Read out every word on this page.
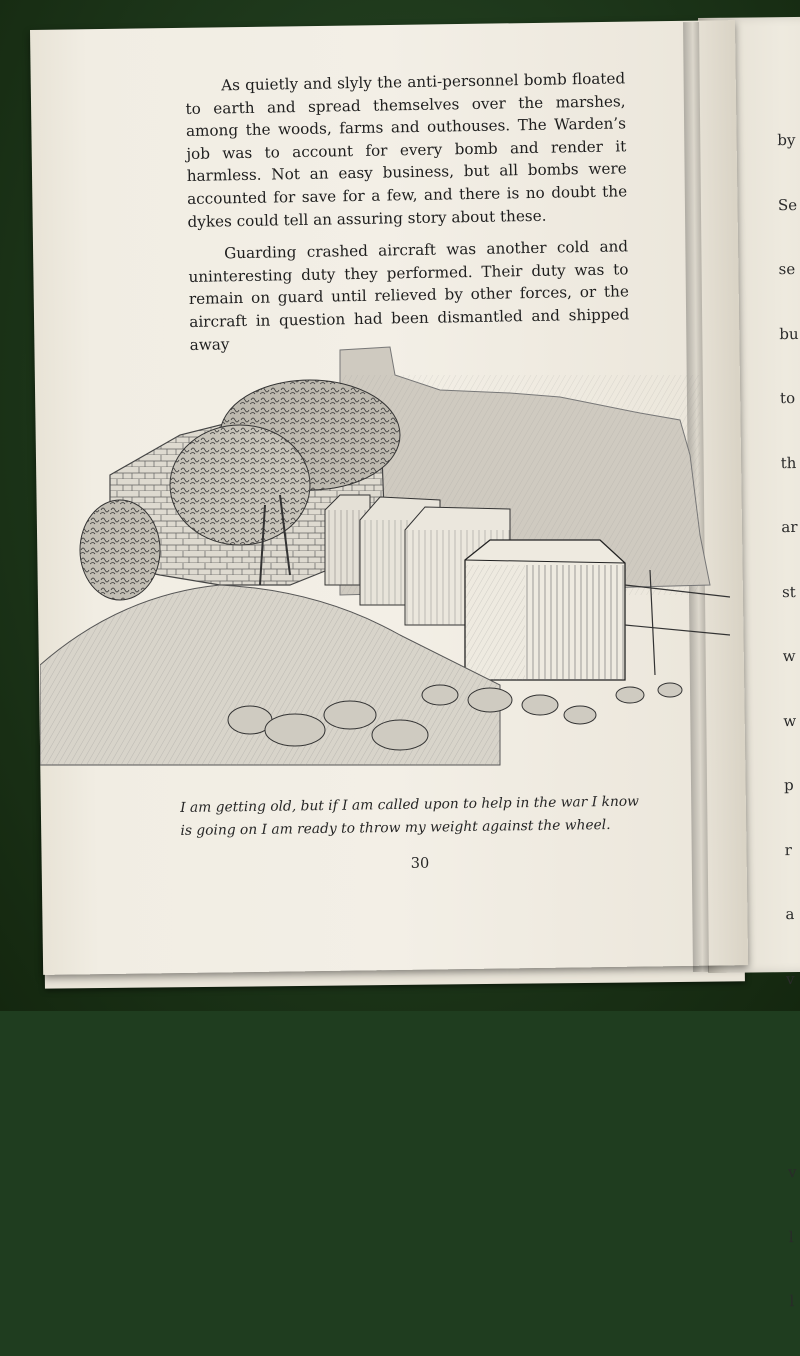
by

Se

se

bu

to

th

ar

st

w

w

p

r

a

v

v

l

l

As quietly and slyly the anti-personnel bomb floated to earth and spread themselves over the marshes, among the woods, farms and outhouses. The Warden’s job was to account for every bomb and render it harmless. Not an easy business, but all bombs were accounted for save for a few, and there is no doubt the dykes could tell an assuring story about these.

Guarding crashed aircraft was another cold and uninteresting duty they performed. Their duty was to remain on guard until relieved by other forces, or the aircraft in question had been dismantled and shipped away

I am getting old, but if I am called upon to help in the war I know
is going on I am ready to throw my weight against the wheel.
30
